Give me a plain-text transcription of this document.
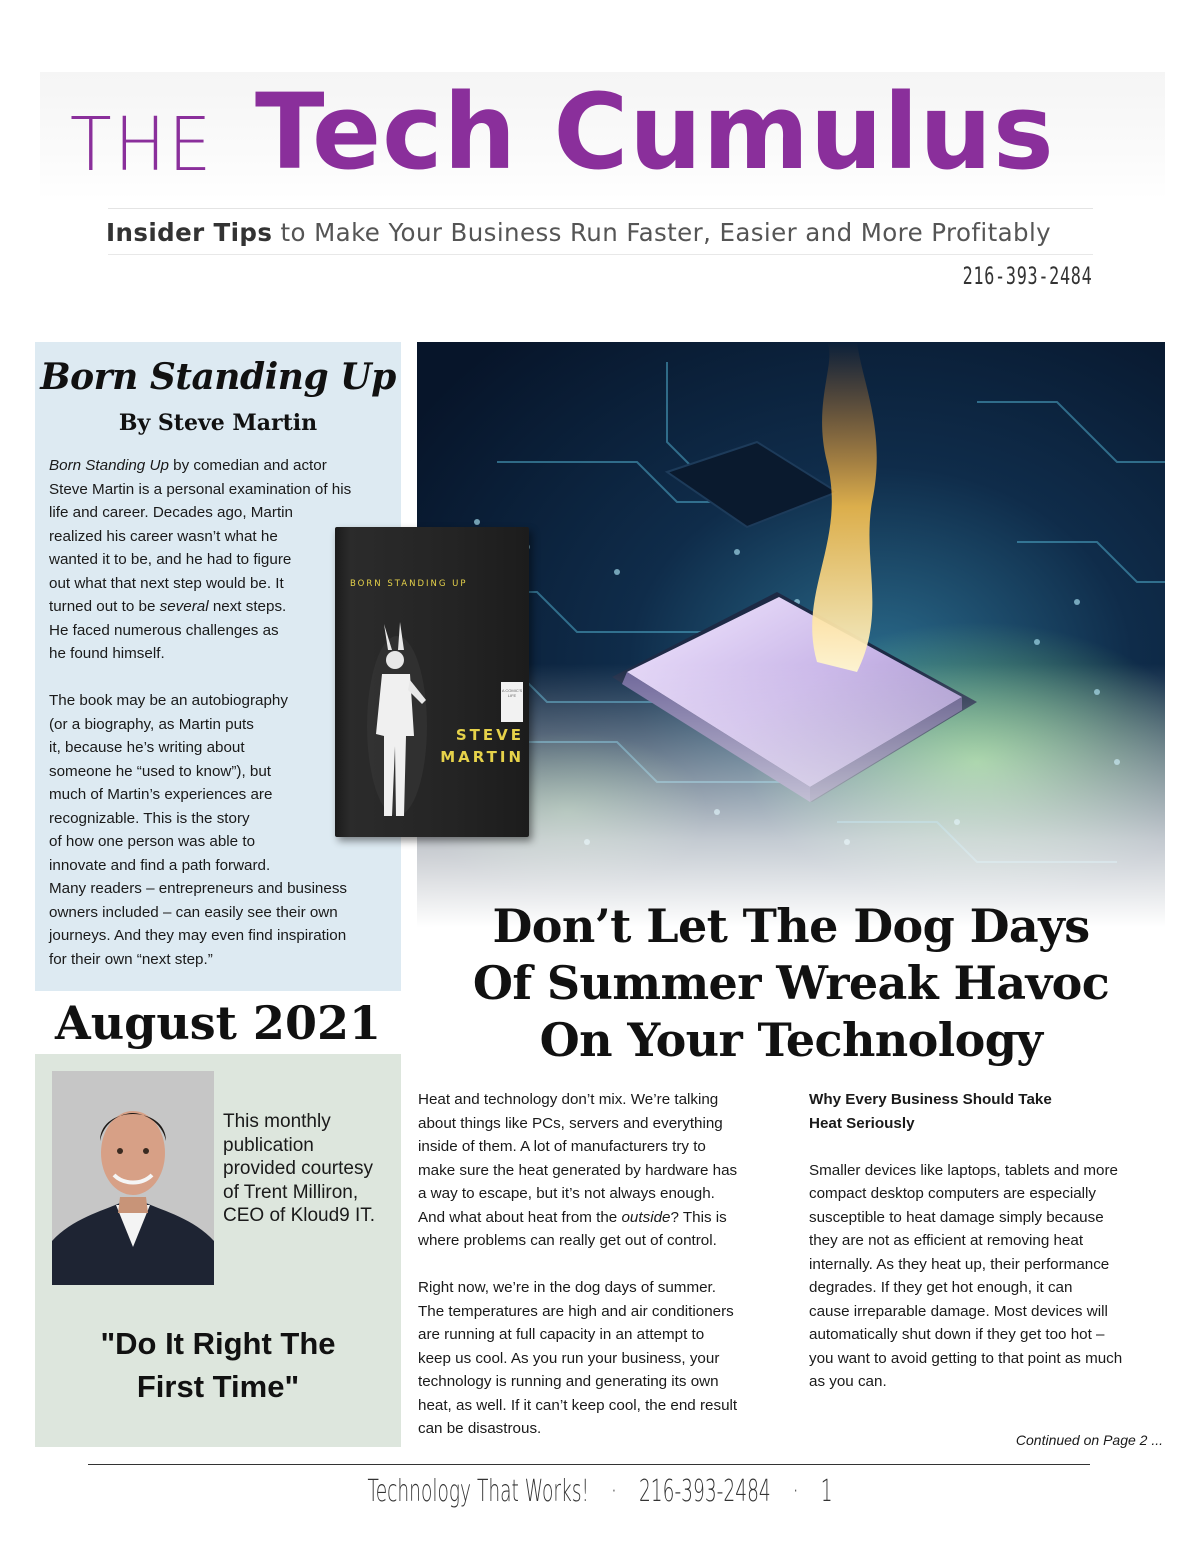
THE Tech Cumulus
Insider Tips to Make Your Business Run Faster, Easier and More Profitably
216-393-2484
Born Standing Up
By Steve Martin
Born Standing Up by comedian and actor
Steve Martin is a personal examination of his
life and career. Decades ago, Martin
realized his career wasn’t what he
wanted it to be, and he had to figure
out what that next step would be. It
turned out to be several next steps.
He faced numerous challenges as
he found himself.
The book may be an autobiography
(or a biography, as Martin puts
it, because he’s writing about
someone he “used to know”), but
much of Martin’s experiences are
recognizable. This is the story
of how one person was able to
innovate and find a path forward.
Many readers – entrepreneurs and business
owners included – can easily see their own
journeys. And they may even find inspiration
for their own “next step.”
BORN STANDING UP
A COMIC'S LIFE
STEVE
MARTIN
Don’t Let The Dog Days
Of Summer Wreak Havoc
On Your Technology
August 2021
This monthly
publication
provided courtesy
of Trent Milliron,
CEO of Kloud9 IT.
"Do It Right The
First Time"
Heat and technology don’t mix. We’re talking
about things like PCs, servers and everything
inside of them. A lot of manufacturers try to
make sure the heat generated by hardware has
a way to escape, but it’s not always enough.
And what about heat from the outside? This is
where problems can really get out of control.
Right now, we’re in the dog days of summer.
The temperatures are high and air conditioners
are running at full capacity in an attempt to
keep us cool. As you run your business, your
technology is running and generating its own
heat, as well. If it can’t keep cool, the end result
can be disastrous.
Why Every Business Should Take
Heat Seriously
Smaller devices like laptops, tablets and more
compact desktop computers are especially
susceptible to heat damage simply because
they are not as efficient at removing heat
internally. As they heat up, their performance
degrades. If they get hot enough, it can
cause irreparable damage. Most devices will
automatically shut down if they get too hot –
you want to avoid getting to that point as much
as you can.
Continued on Page 2 ...
Technology That Works! · 216-393-2484 · 1
